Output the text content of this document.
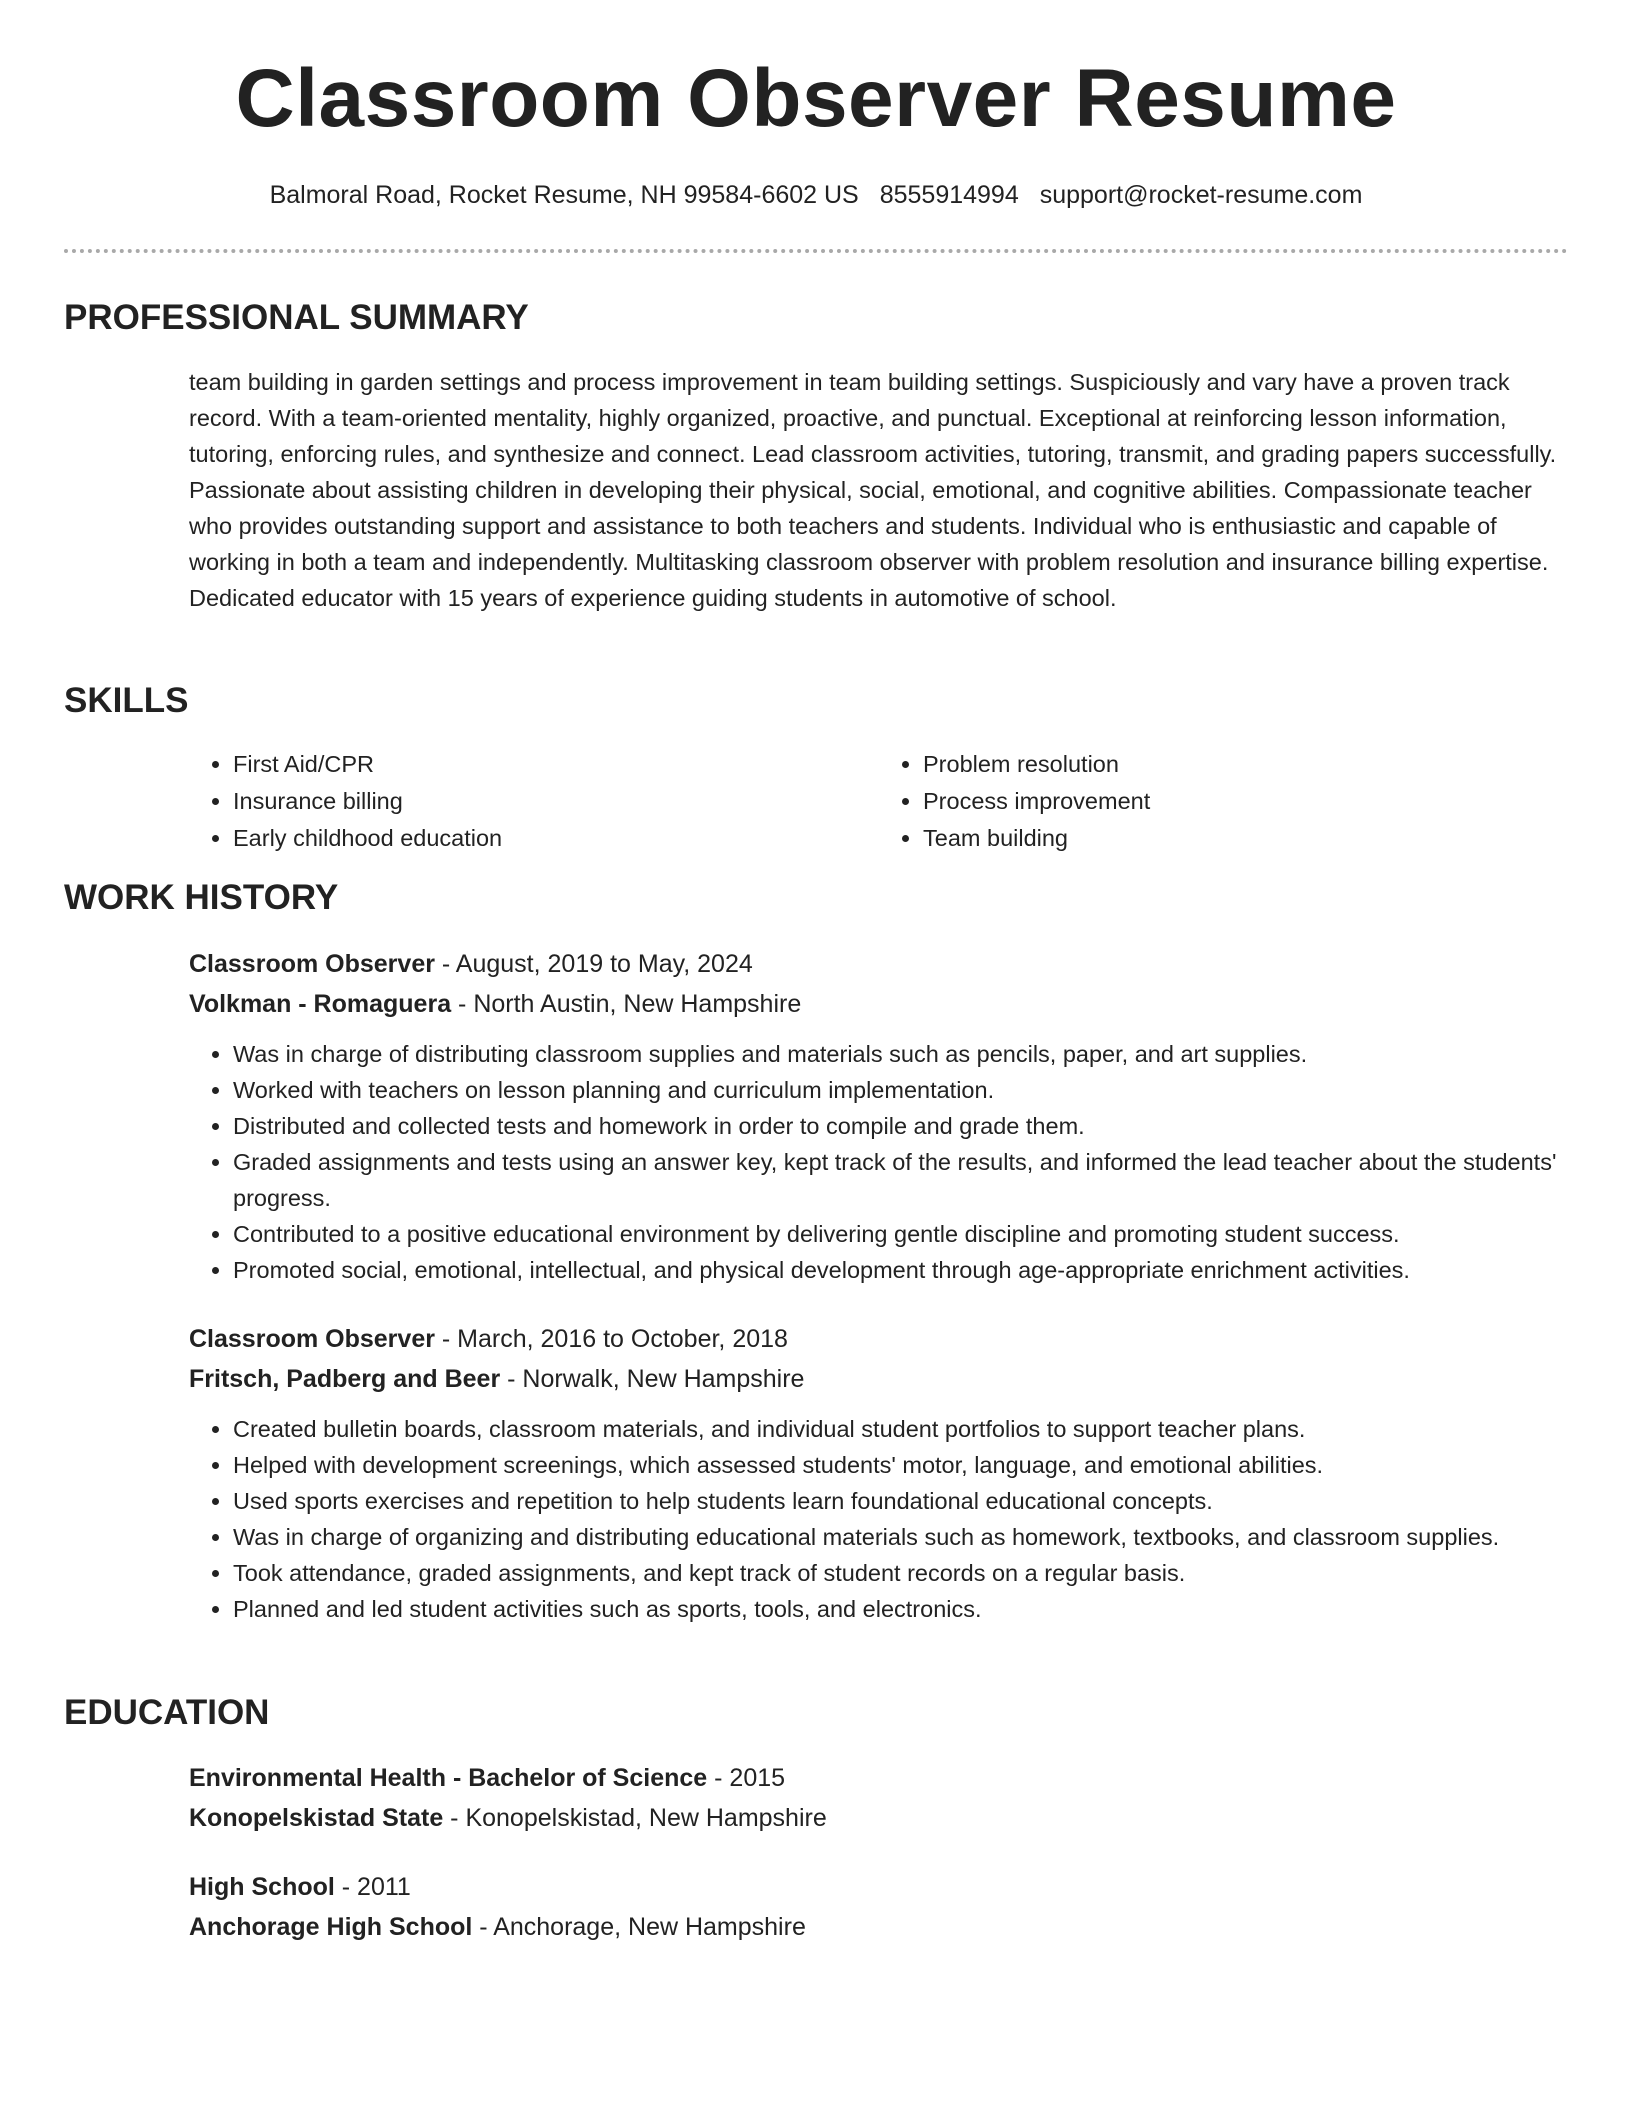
Classroom Observer Resume
Balmoral Road, Rocket Resume, NH 99584-6602 US 8555914994 support@rocket-resume.com
PROFESSIONAL SUMMARY

team building in garden settings and process improvement in team building settings. Suspiciously and vary have a proven track record. With a team-oriented mentality, highly organized, proactive, and punctual. Exceptional at reinforcing lesson information, tutoring, enforcing rules, and synthesize and connect. Lead classroom activities, tutoring, transmit, and grading papers successfully. Passionate about assisting children in developing their physical, social, emotional, and cognitive abilities. Compassionate teacher who provides outstanding support and assistance to both teachers and students. Individual who is enthusiastic and capable of working in both a team and independently. Multitasking classroom observer with problem resolution and insurance billing expertise. Dedicated educator with 15 years of experience guiding students in automotive of school.

SKILLS
• First Aid/CPR
• Insurance billing
• Early childhood education
• Problem resolution
• Process improvement
• Team building
WORK HISTORY
Classroom Observer - August, 2019 to May, 2024
Volkman - Romaguera - North Austin, New Hampshire
• Was in charge of distributing classroom supplies and materials such as pencils, paper, and art supplies.
• Worked with teachers on lesson planning and curriculum implementation.
• Distributed and collected tests and homework in order to compile and grade them.
• Graded assignments and tests using an answer key, kept track of the results, and informed the lead teacher about the students' progress.
• Contributed to a positive educational environment by delivering gentle discipline and promoting student success.
• Promoted social, emotional, intellectual, and physical development through age-appropriate enrichment activities.
Classroom Observer - March, 2016 to October, 2018
Fritsch, Padberg and Beer - Norwalk, New Hampshire
• Created bulletin boards, classroom materials, and individual student portfolios to support teacher plans.
• Helped with development screenings, which assessed students' motor, language, and emotional abilities.
• Used sports exercises and repetition to help students learn foundational educational concepts.
• Was in charge of organizing and distributing educational materials such as homework, textbooks, and classroom supplies.
• Took attendance, graded assignments, and kept track of student records on a regular basis.
• Planned and led student activities such as sports, tools, and electronics.
EDUCATION
Environmental Health - Bachelor of Science - 2015
Konopelskistad State - Konopelskistad, New Hampshire
High School - 2011
Anchorage High School - Anchorage, New Hampshire
